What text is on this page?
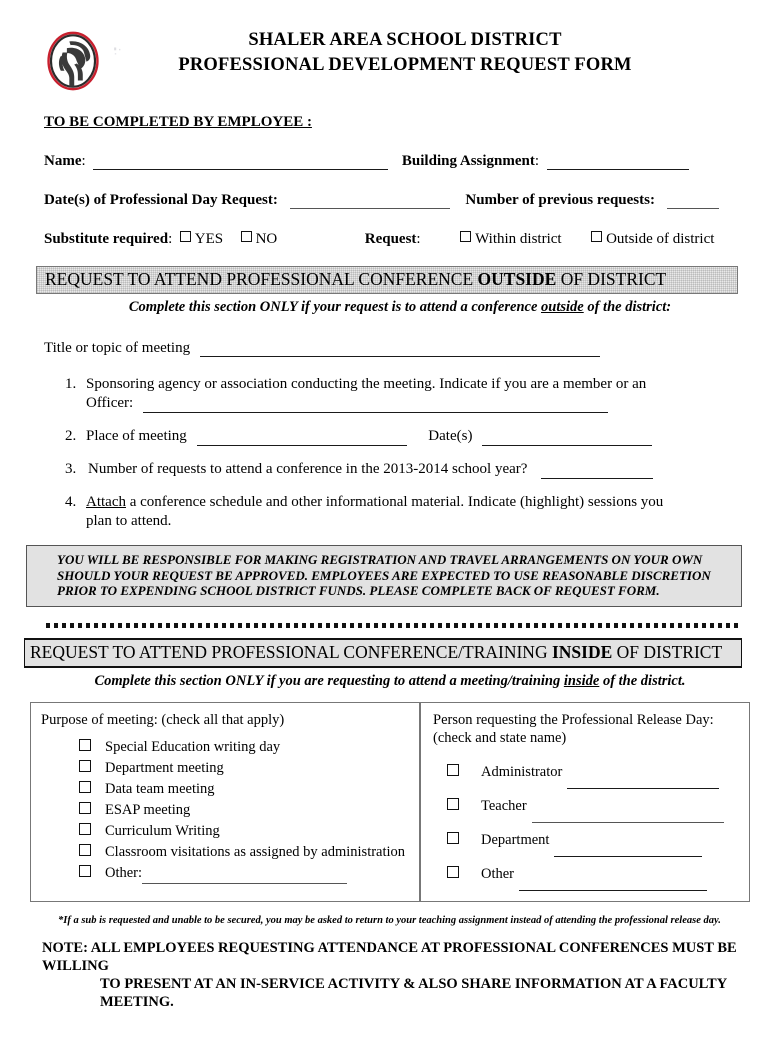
SHALER AREA SCHOOL DISTRICT
PROFESSIONAL DEVELOPMENT REQUEST FORM
TO BE COMPLETED BY EMPLOYEE :
Name:	Building Assignment:
Date(s) of Professional Day Request:	Number of previous requests:
Substitute required:  YES NO	Request:	Within district	Outside of district
REQUEST TO ATTEND PROFESSIONAL CONFERENCE OUTSIDE OF DISTRICT
Complete this section ONLY if your request is to attend a conference outside of the district:
Title or topic of meeting
1. Sponsoring agency or association conducting the meeting. Indicate if you are a member or an
Officer:
2. Place of meeting	Date(s)
3. Number of requests to attend a conference in the 2013-2014 school year?
4. Attach a conference schedule and other informational material. Indicate (highlight) sessions you
plan to attend.
YOU WILL BE RESPONSIBLE FOR MAKING REGISTRATION AND TRAVEL ARRANGEMENTS ON YOUR OWN
SHOULD YOUR REQUEST BE APPROVED. EMPLOYEES ARE EXPECTED TO USE REASONABLE DISCRETION
PRIOR TO EXPENDING SCHOOL DISTRICT FUNDS. PLEASE COMPLETE BACK OF REQUEST FORM.
REQUEST TO ATTEND PROFESSIONAL CONFERENCE/TRAINING INSIDE OF DISTRICT
Complete this section ONLY if you are requesting to attend a meeting/training inside of the district.
Purpose of meeting: (check all that apply)
Special Education writing day
Department meeting
Data team meeting
ESAP meeting
Curriculum Writing
Classroom visitations as assigned by administration
Other:
Person requesting the Professional Release Day:
(check and state name)
Administrator
Teacher
Department
Other
*If a sub is requested and unable to be secured, you may be asked to return to your teaching assignment instead of attending the professional release day.
NOTE: ALL EMPLOYEES REQUESTING ATTENDANCE AT PROFESSIONAL CONFERENCES MUST BE WILLING
TO PRESENT AT AN IN-SERVICE ACTIVITY & ALSO SHARE INFORMATION AT A FACULTY MEETING.
